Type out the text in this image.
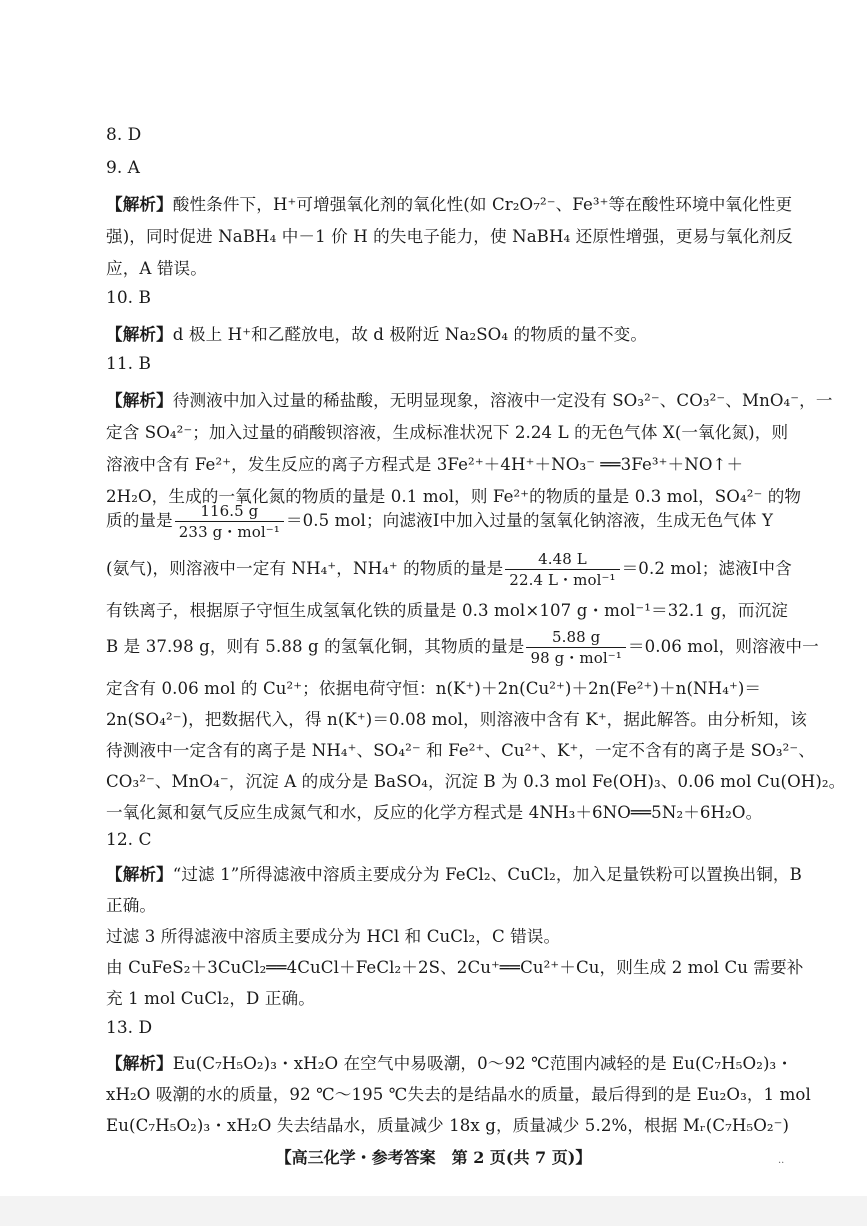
8. D
9. A
【解析】酸性条件下，H⁺可增强氧化剂的氧化性(如 Cr₂O₇²⁻、Fe³⁺等在酸性环境中氧化性更
强)，同时促进 NaBH₄ 中－1 价 H 的失电子能力，使 NaBH₄ 还原性增强，更易与氧化剂反
应，A 错误。
10. B
【解析】d 极上 H⁺和乙醛放电，故 d 极附近 Na₂SO₄ 的物质的量不变。
11. B
【解析】待测液中加入过量的稀盐酸，无明显现象，溶液中一定没有 SO₃²⁻、CO₃²⁻、MnO₄⁻，一
定含 SO₄²⁻；加入过量的硝酸钡溶液，生成标准状况下 2.24 L 的无色气体 X(一氧化氮)，则
溶液中含有 Fe²⁺，发生反应的离子方程式是 3Fe²⁺＋4H⁺＋NO₃⁻ ══3Fe³⁺＋NO↑＋
2H₂O，生成的一氧化氮的物质的量是 0.1 mol，则 Fe²⁺的物质的量是 0.3 mol，SO₄²⁻ 的物
质的量是 $\frac{116.5 g}{\text{233 g・mol⁻¹}} =0.5$ mol；向滤液Ⅰ中加入过量的氢氧化钠溶液，生成无色气体 Y
(氨气)，则溶液中一定有 NH₄⁺，NH₄⁺ 的物质的量是 $\frac{4.48 L}{\text{22.4 L・mol⁻¹}} =0.2$ mol；滤液Ⅰ中含
有铁离子，根据原子守恒生成氢氧化铁的质量是 0.3 mol×107 g・mol⁻¹＝32.1 g，而沉淀
B 是 37.98 g，则有 5.88 g 的氢氧化铜，其物质的量是 $\frac{5.88 g}{\text{98 g・mol⁻¹}} =0.06$ mol，则溶液中一
定含有 0.06 mol 的 Cu²⁺；依据电荷守恒：n(K⁺)＋2n(Cu²⁺)＋2n(Fe²⁺)＋n(NH₄⁺)＝
2n(SO₄²⁻)，把数据代入，得 n(K⁺)＝0.08 mol，则溶液中含有 K⁺，据此解答。由分析知，该
待测液中一定含有的离子是 NH₄⁺、SO₄²⁻ 和 Fe²⁺、Cu²⁺、K⁺，一定不含有的离子是 SO₃²⁻、
CO₃²⁻、MnO₄⁻，沉淀 A 的成分是 BaSO₄，沉淀 B 为 0.3 mol Fe(OH)₃、0.06 mol Cu(OH)₂。
一氧化氮和氨气反应生成氮气和水，反应的化学方程式是 4NH₃＋6NO══5N₂＋6H₂O。
12. C
【解析】“过滤 1”所得滤液中溶质主要成分为 FeCl₂、CuCl₂，加入足量铁粉可以置换出铜，B
正确。
过滤 3 所得滤液中溶质主要成分为 HCl 和 CuCl₂，C 错误。
由 CuFeS₂＋3CuCl₂══4CuCl＋FeCl₂＋2S、2Cu⁺══Cu²⁺＋Cu，则生成 2 mol Cu 需要补
充 1 mol CuCl₂，D 正确。
13. D
【解析】Eu(C₇H₅O₂)₃・xH₂O 在空气中易吸潮，0～92 ℃范围内减轻的是 Eu(C₇H₅O₂)₃・
xH₂O 吸潮的水的质量，92 ℃～195 ℃失去的是结晶水的质量，最后得到的是 Eu₂O₃，1 mol
【高三化学・参考答案　第 2 页(共 7 页)】	··
Eu(C₇H₅O₂)₃・xH₂O 失去结晶水，质量减少 18x g，质量减少 5.2%，根据 Mᵣ(C₇H₅O₂⁻)
